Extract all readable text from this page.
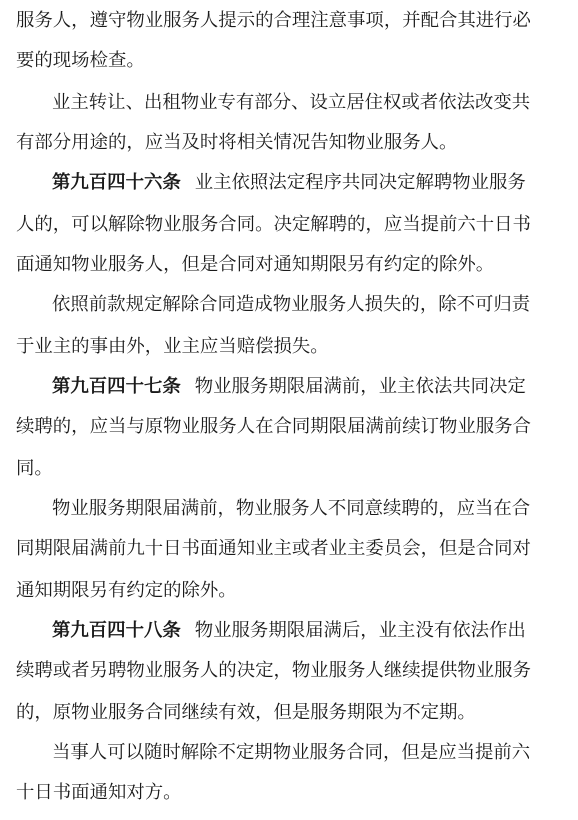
服务人，遵守物业服务人提示的合理注意事项，并配合其进行必
要的现场检查。
业主转让、出租物业专有部分、设立居住权或者依法改变共
有部分用途的，应当及时将相关情况告知物业服务人。
第九百四十六条 业主依照法定程序共同决定解聘物业服务
人的，可以解除物业服务合同。决定解聘的，应当提前六十日书
面通知物业服务人，但是合同对通知期限另有约定的除外。
依照前款规定解除合同造成物业服务人损失的，除不可归责
于业主的事由外，业主应当赔偿损失。
第九百四十七条 物业服务期限届满前，业主依法共同决定
续聘的，应当与原物业服务人在合同期限届满前续订物业服务合
同。
物业服务期限届满前，物业服务人不同意续聘的，应当在合
同期限届满前九十日书面通知业主或者业主委员会，但是合同对
通知期限另有约定的除外。
第九百四十八条 物业服务期限届满后，业主没有依法作出
续聘或者另聘物业服务人的决定，物业服务人继续提供物业服务
的，原物业服务合同继续有效，但是服务期限为不定期。
当事人可以随时解除不定期物业服务合同，但是应当提前六
十日书面通知对方。
